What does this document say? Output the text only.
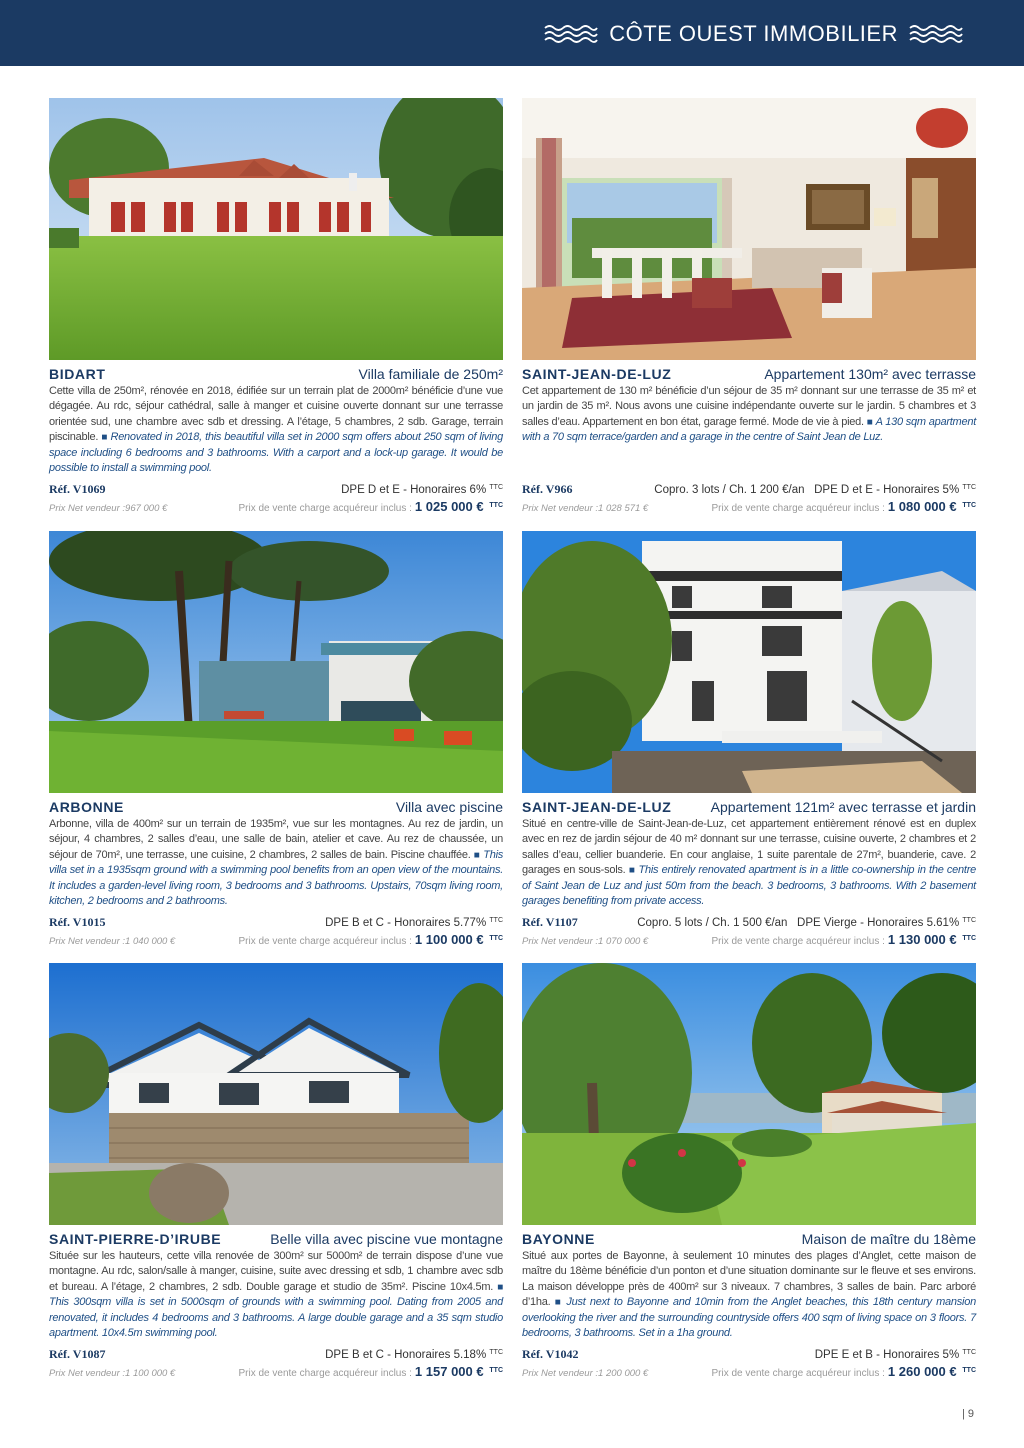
CÔTE OUEST IMMOBILIER
BIDART	Villa familiale de 250m²

Cette villa de 250m², rénovée en 2018, édifiée sur un terrain plat de 2000m² bénéficie d’une vue dégagée. Au rdc, séjour cathédral, salle à manger et cuisine ouverte donnant sur une terrasse orientée sud, une chambre avec sdb et dressing. A l’étage, 5 chambres, 2 sdb. Garage, terrain piscinable. ■ Renovated in 2018, this beautiful villa set in 2000 sqm offers about 250 sqm of living space including 6 bedrooms and 3 bathrooms. With a carport and a lock-up garage. It would be possible to install a swimming pool.

Réf. V1069	DPE D et E - Honoraires 6% $^{TTC}$
Prix Net vendeur :967 000 €	Prix de vente charge acquéreur inclus : 1 025 000 € $^{TTC}$
SAINT-JEAN-DE-LUZ	Appartement 130m² avec terrasse

Cet appartement de 130 m² bénéficie d’un séjour de 35 m² donnant sur une terrasse de 35 m² et un jardin de 35 m². Nous avons une cuisine indépendante ouverte sur le jardin. 5 chambres et 3 salles d’eau. Appartement en bon état, garage fermé. Mode de vie à pied. ■ A 130 sqm apartment with a 70 sqm terrace/garden and a garage in the centre of Saint Jean de Luz.

Réf. V966	Copro. 3 lots / Ch. 1 200 €/an   DPE D et E - Honoraires 5% $^{TTC}$
Prix Net vendeur :1 028 571 €	Prix de vente charge acquéreur inclus : 1 080 000 € $^{TTC}$
ARBONNE	Villa avec piscine

Arbonne, villa de 400m² sur un terrain de 1935m², vue sur les montagnes. Au rez de jardin, un séjour, 4 chambres, 2 salles d’eau, une salle de bain, atelier et cave. Au rez de chaussée, un séjour de 70m², une terrasse, une cuisine, 2 chambres, 2 salles de bain. Piscine chauffée. ■ This villa set in a 1935sqm ground with a swimming pool benefits from an open view of the mountains. It includes a garden-level living room, 3 bedrooms and 3 bathrooms. Upstairs, 70sqm living room, kitchen, 2 bedrooms and 2 bathrooms.

Réf. V1015	DPE B et C - Honoraires 5.77% $^{TTC}$
Prix Net vendeur :1 040 000 €	Prix de vente charge acquéreur inclus : 1 100 000 € $^{TTC}$
SAINT-JEAN-DE-LUZ	Appartement 121m² avec terrasse et jardin

Situé en centre-ville de Saint-Jean-de-Luz, cet appartement entièrement rénové est en duplex avec en rez de jardin séjour de 40 m² donnant sur une terrasse, cuisine ouverte, 2 chambres et 2 salles d’eau, cellier buanderie. En cour anglaise, 1 suite parentale de 27m², buanderie, cave. 2 garages en sous-sols. ■ This entirely renovated apartment is in a little co-ownership in the centre of Saint Jean de Luz and just 50m from the beach. 3 bedrooms, 3 bathrooms. With 2 basement garages benefiting from private access.

Réf. V1107	Copro. 5 lots / Ch. 1 500 €/an   DPE Vierge - Honoraires 5.61% $^{TTC}$
Prix Net vendeur :1 070 000 €	Prix de vente charge acquéreur inclus : 1 130 000 € $^{TTC}$
SAINT-PIERRE-D’IRUBE	Belle villa avec piscine vue montagne

Située sur les hauteurs, cette villa renovée de 300m² sur 5000m² de terrain dispose d’une vue montagne. Au rdc, salon/salle à manger, cuisine, suite avec dressing et sdb, 1 chambre avec sdb et bureau. A l’étage, 2 chambres, 2 sdb. Double garage et studio de 35m². Piscine 10x4.5m. ■ This 300sqm villa is set in 5000sqm of grounds with a swimming pool. Dating from 2005 and renovated, it includes 4 bedrooms and 3 bathrooms. A large double garage and a 35 sqm studio apartment. 10x4.5m swimming pool.

Réf. V1087	DPE B et C - Honoraires 5.18% $^{TTC}$
Prix Net vendeur :1 100 000 €	Prix de vente charge acquéreur inclus : 1 157 000 € $^{TTC}$
BAYONNE	Maison de maître du 18ème

Situé aux portes de Bayonne, à seulement 10 minutes des plages d’Anglet, cette maison de maître du 18ème bénéficie d’un ponton et d’une situation dominante sur le fleuve et ses environs. La maison développe près de 400m² sur 3 niveaux. 7 chambres, 3 salles de bain. Parc arboré d’1ha. ■ Just next to Bayonne and 10min from the Anglet beaches, this 18th century mansion overlooking the river and the surrounding countryside offers 400 sqm of living space on 3 floors. 7 bedrooms, 3 bathrooms. Set in a 1ha ground.

Réf. V1042	DPE E et B - Honoraires 5% $^{TTC}$
Prix Net vendeur :1 200 000 €	Prix de vente charge acquéreur inclus : 1 260 000 € $^{TTC}$
| 9
